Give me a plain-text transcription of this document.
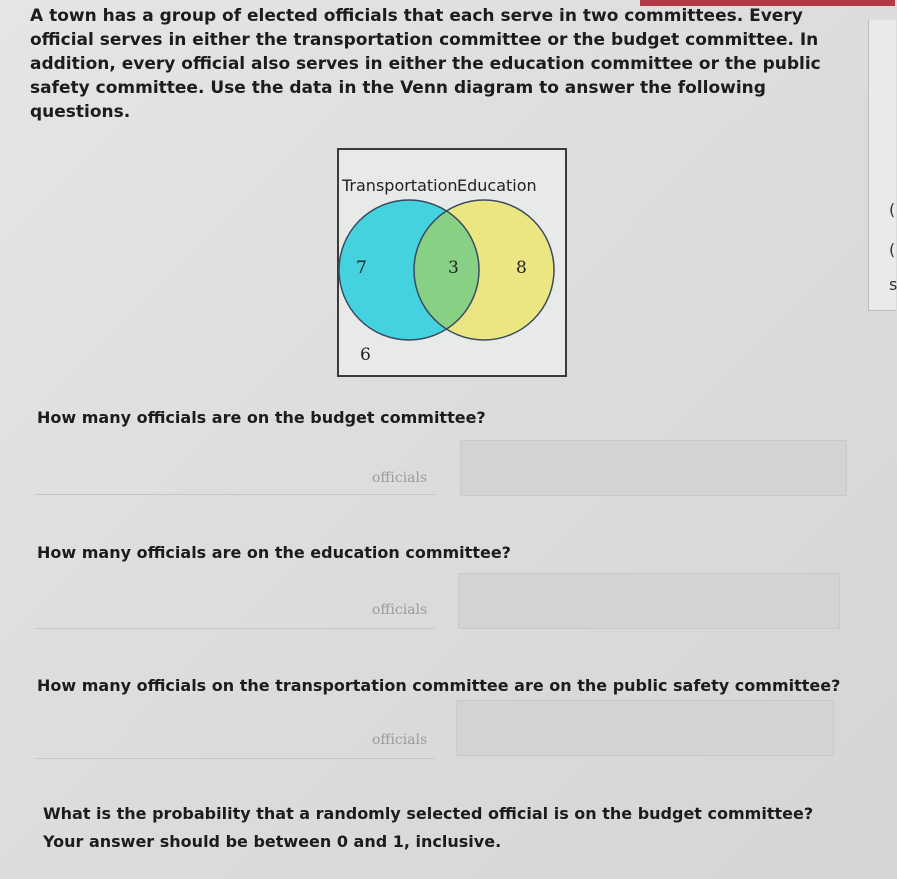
(
(
s

A town has a group of elected officials that each serve in two committees. Every official serves in either the transportation committee or the budget committee. In addition, every official also serves in either the education committee or the public safety committee. Use the data in the Venn diagram to answer the following questions.

Transportation Education
7	3	8
6

How many officials are on the budget committee?

officials

How many officials are on the education committee?

officials

How many officials on the transportation committee are on the public safety committee?

officials

What is the probability that a randomly selected official is on the budget committee? Your answer should be between 0 and 1, inclusive.
